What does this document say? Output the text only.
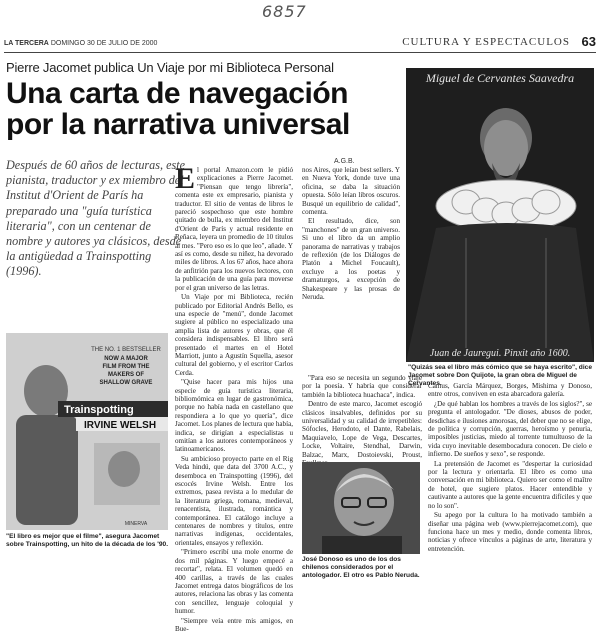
6857
LA TERCERA DOMINGO 30 DE JULIO DE 2000	CULTURA Y ESPECTACULOS 63
Pierre Jacomet publica Un Viaje por mi Biblioteca Personal
Una carta de navegación por la narrativa universal
Después de 60 años de lecturas, este pianista, traductor y ex miembro del Institut d'Orient de París ha preparado una "guía turística literaria", con un centenar de nombre y autores ya clásicos, desde la antigüedad a Trainspotting (1996).
A.G.B.

El portal Amazon.com le pidió explicaciones a Pierre Jacomet. "Piensan que tengo librería", comenta este ex empresario, pianista y traductor. El sitio de ventas de libros le pareció sospechoso que este hombre quitado de bulla, ex miembro del Institut d'Orient de París y actual residente en Reñaca, leyera un promedio de 10 títulos al mes. "Pero eso es lo que leo", añade. Y así es como, desde su niñez, ha devorado miles de libros. A los 67 años, hace ahora de anfitrión para los nuevos lectores, con la publicación de una guía para moverse por el gran universo de las letras.

Un Viaje por mi Biblioteca, recién publicado por Editorial Andrés Bello, es una especie de "menú", donde Jacomet sugiere al público no especializado una amplia lista de autores y obras, que él considera indispensables. El libro será presentado el martes en el Hotel Marriott, junto a Agustín Squella, asesor cultural del gobierno, y el escritor Carlos Cerda.

"Quise hacer para mis hijos una especie de guía turística literaria, bibliomómica en lugar de gastronómica, porque no había nada en castellano que respondiera a lo que yo quería", dice Jacomet. Los planes de lectura que había, indica, se dirigían a especialistas u omitían a los autores contemporáneos y latinoamericanos.

Su ambicioso proyecto parte en el Rig Veda hindú, que data del 3700 A.C., y desemboca en Trainspotting (1996), del escocés Irvine Welsh. Entre los extremos, pasea revista a lo medular de la literatura griega, romana, medieval, renacentista, ilustrada, romántica y contemporánea. El catálogo incluye a centenares de nombres y títulos, entre narrativas indígenas, occidentales, orientales, ensayos y reflexión.

"Primero escribí una mole enorme de dos mil páginas. Y luego empecé a recortar", relata. El volumen quedó en 400 carillas, a través de las cuales Jacomet entrega datos biográficos de los autores, relaciona las obras y las comenta con sencillez, lenguaje coloquial y humor.

"Siempre veía entre mis amigos, en Bue-

nos Aires, que leían best sellers. Y en Nueva York, donde tuve una oficina, se daba la situación opuesta. Sólo leían libros oscuros. Busqué un equilibrio de calidad", comenta.

El resultado, dice, son "manchones" de un gran universo. Si uno el libro da un amplio panorama de narrativas y trabajos de reflexión (de los Diálogos de Platón a Michel Foucault), excluye a los poetas y dramaturgos, a excepción de Shakespeare y las prosas de Neruda.

"Para eso se necesita un segundo viaje por la poesía. Y habría que considerar también la biblioteca huachaca", indica.

Dentro de este marco, Jacomet escogió clásicos insalvables, definidos por su universalidad y su calidad de irrepetibles: Sófocles, Herodoto, el Dante, Rabelais, Maquiavelo, Lope de Vega, Descartes, Locke, Voltaire, Stendhal, Darwin, Balzac, Marx, Dostoievski, Proust,

Camus, García Márquez, Borges, Mishima y Donoso, entre otros, conviven en esta abarcadora galería.

¿De qué hablan los hombres a través de los siglos?", se pregunta el antologador. "De dioses, abusos de poder, desdichas e ilusiones amorosas, del deber que no se elige, de política y corrupción, guerras, heroísmo y penuria, imposibles justicias, miedo al torrente tumultuoso de la vida cuyo inevitable desembocadura conocen. De cielo e infierno. De sueños y sexo", se responde.

La pretensión de Jacomet es "despertar la curiosidad por la lectura y orientarla. El libro es como una conversación en mi biblioteca. Quiero ser como el maître de hotel, que sugiere platos. Hacer entendible y cautivante a autores que la gente encuentra difíciles y que no lo son".

Su apego por la cultura lo ha motivado también a diseñar una página web (www.pierrejacomet.com), que funciona hace un mes y medio, donde comenta libros, noticias y ofrece vínculos a páginas de arte, literatura y entretención.

Miguel de Cervantes Saavedra
Juan de Jauregui. Pinxit año 1600.
"Quizás sea el libro más cómico que se haya escrito", dice Jacomet sobre Don Quijote, la gran obra de Miguel de Cervantes.
THE NO. 1 BESTSELLER
NOW A MAJOR
FILM FROM THE
MAKERS OF
SHALLOW GRAVE
Trainspotting
IRVINE WELSH
MINERVA
"El libro es mejor que el filme", asegura Jacomet sobre Trainspotting, un hito de la década de los '90.
José Donoso es uno de los dos chilenos considerados por el antologador. El otro es Pablo Neruda.
